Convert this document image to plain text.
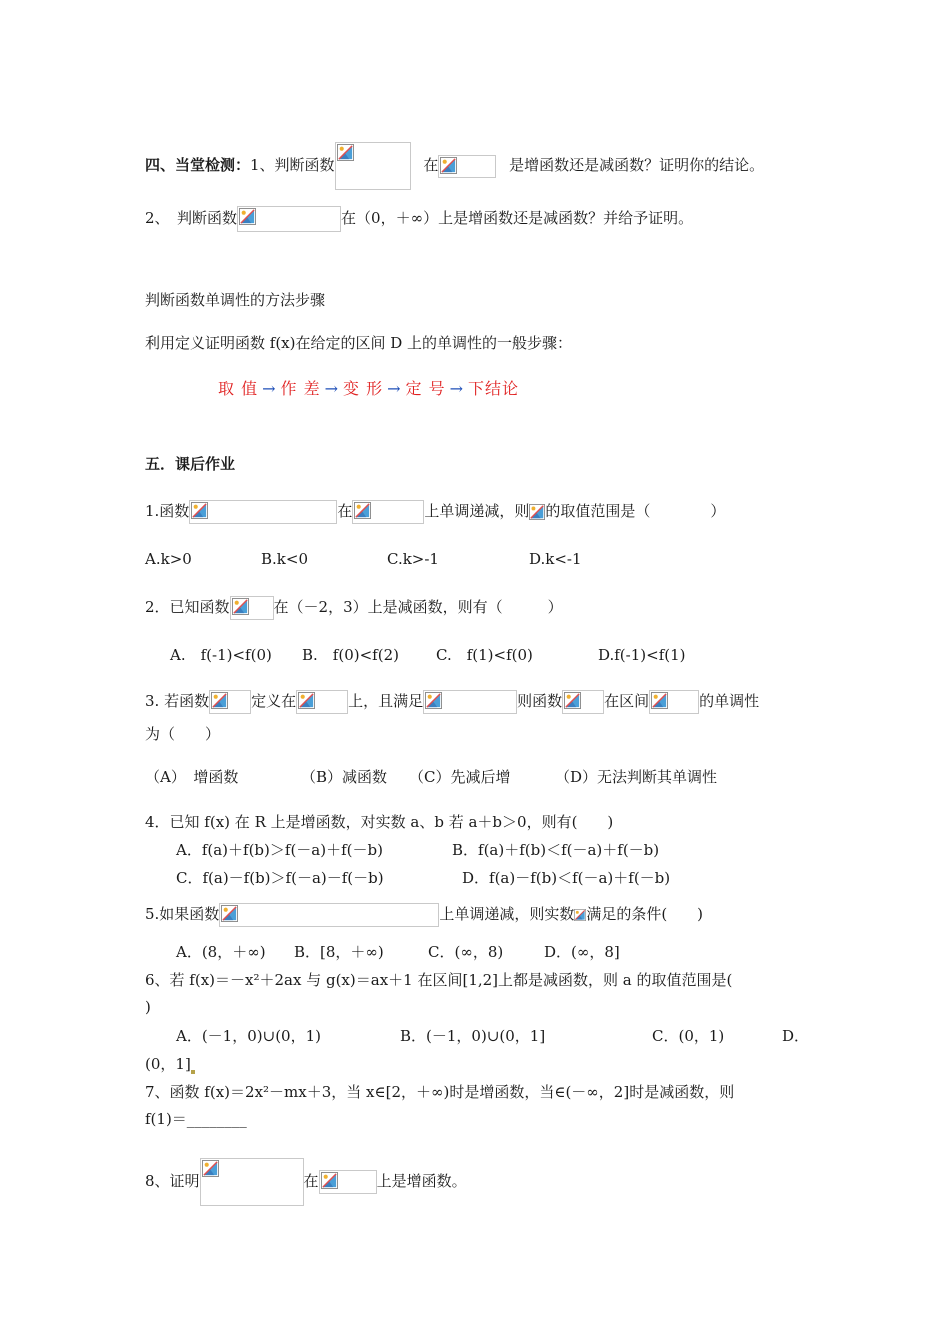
四、当堂检测：1、判断函数	在	是增函数还是减函数？证明你的结论。
2、　判断函数	在（0，＋∞）上是增函数还是减函数？并给予证明。
判断函数单调性的方法步骤
利用定义证明函数 f(x)在给定的区间 D 上的单调性的一般步骤：
取 值 → 作 差 → 变 形 → 定 号 → 下结论
五．课后作业
1.函数	在	上单调递减，则 的取值范围是（　　　　）
A.k>0	B.k<0	C.k>-1	D.k<-1
2．已知函数	在（－2，3）上是减函数，则有（　　　）
A.　f(-1)<f(0) B.　f(0)<f(2) C.　f(1)<f(0)	D.f(-1)<f(1)
3. 若函数	定义在	上，且满足	则函数	在区间	的单调性
为（　　）
（A）　增函数	（B）减函数 （C）先减后增	（D）无法判断其单调性
4．已知 f(x) 在 R 上是增函数，对实数 a、b 若 a＋b＞0，则有(　　)
A．f(a)＋f(b)＞f(－a)＋f(－b)	B．f(a)＋f(b)＜f(－a)＋f(－b)
C．f(a)－f(b)＞f(－a)－f(－b)	D．f(a)－f(b)＜f(－a)＋f(－b)
5.如果函数	上单调递减，则实数 满足的条件(　　)
A．(8，＋∞) B．[8，＋∞)	C．(∞，8)	D．(∞，8]
6、若 f(x)＝－x²＋2ax 与 g(x)＝ax＋1 在区间[1,2]上都是减函数，则 a 的取值范围是(
)
A．(－1，0)∪(0，1)	B．(－1，0)∪(0，1]	C．(0，1)	D．
(0，1]
7、函数 f(x)＝2x²－mx＋3，当 x∈[2，＋∞)时是增函数，当∈(－∞，2]时是减函数，则
f(1)＝________
8、证明	在	上是增函数。
